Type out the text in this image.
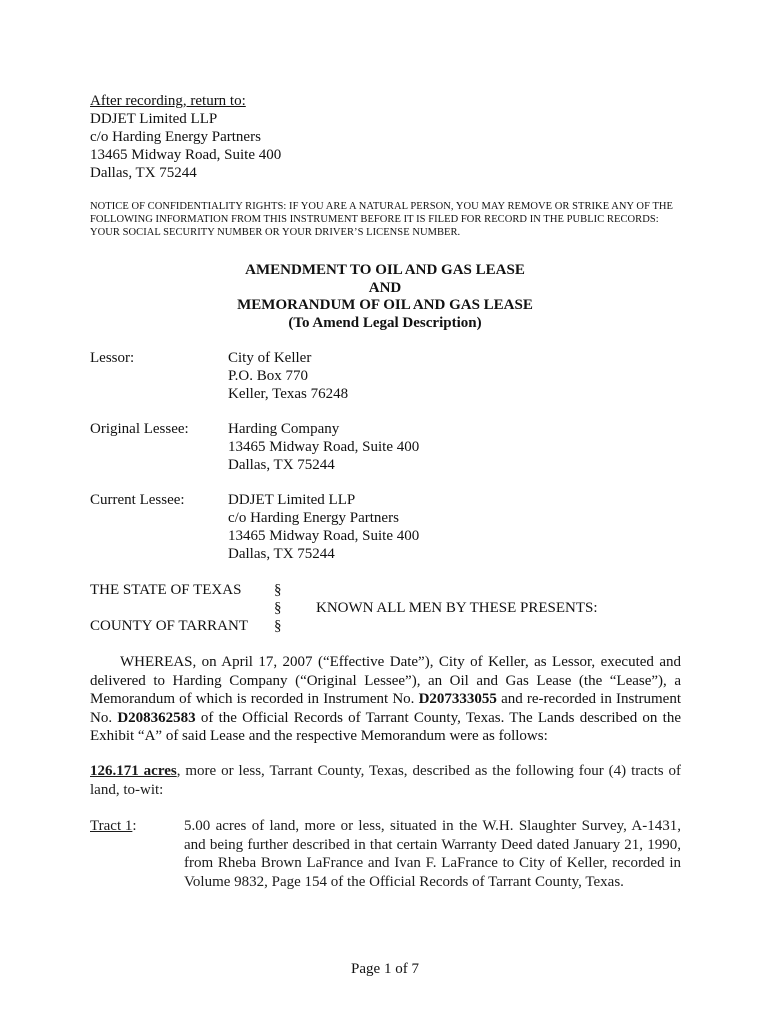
After recording, return to:
DDJET Limited LLP
c/o Harding Energy Partners
13465 Midway Road, Suite 400
Dallas, TX 75244
NOTICE OF CONFIDENTIALITY RIGHTS: IF YOU ARE A NATURAL PERSON, YOU MAY REMOVE OR STRIKE ANY OF THE FOLLOWING INFORMATION FROM THIS INSTRUMENT BEFORE IT IS FILED FOR RECORD IN THE PUBLIC RECORDS: YOUR SOCIAL SECURITY NUMBER OR YOUR DRIVER’S LICENSE NUMBER.
AMENDMENT TO OIL AND GAS LEASE
AND
MEMORANDUM OF OIL AND GAS LEASE
(To Amend Legal Description)
Lessor:	City of Keller
P.O. Box 770
Keller, Texas 76248
Original Lessee:	Harding Company
13465 Midway Road, Suite 400
Dallas, TX 75244
Current Lessee:	DDJET Limited LLP
c/o Harding Energy Partners
13465 Midway Road, Suite 400
Dallas, TX 75244
THE STATE OF TEXAS §
§ KNOWN ALL MEN BY THESE PRESENTS:
COUNTY OF TARRANT §
WHEREAS, on April 17, 2007 (“Effective Date”), City of Keller, as Lessor, executed and delivered to Harding Company (“Original Lessee”), an Oil and Gas Lease (the “Lease”), a Memorandum of which is recorded in Instrument No. D207333055 and re-recorded in Instrument No. D208362583 of the Official Records of Tarrant County, Texas. The Lands described on the Exhibit “A” of said Lease and the respective Memorandum were as follows:
126.171 acres, more or less, Tarrant County, Texas, described as the following four (4) tracts of land, to-wit:
Tract 1:	5.00 acres of land, more or less, situated in the W.H. Slaughter Survey, A-1431, and being further described in that certain Warranty Deed dated January 21, 1990, from Rheba Brown LaFrance and Ivan F. LaFrance to City of Keller, recorded in Volume 9832, Page 154 of the Official Records of Tarrant County, Texas.
Page 1 of 7
